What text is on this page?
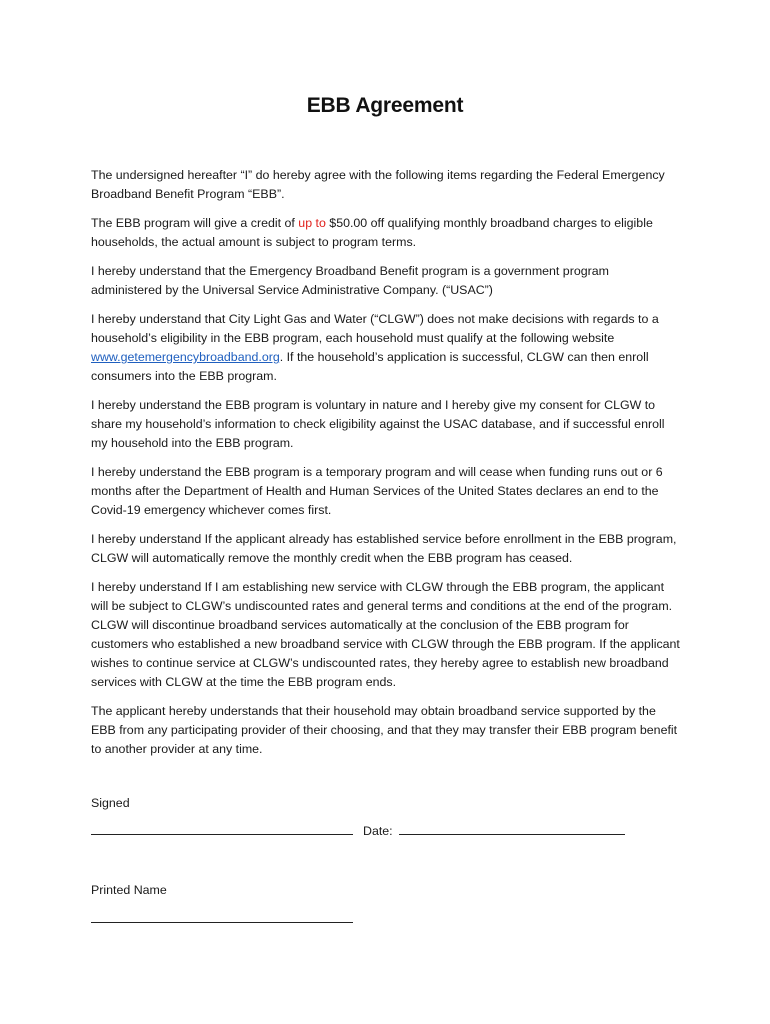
EBB Agreement

The undersigned hereafter “I” do hereby agree with the following items regarding the Federal Emergency Broadband Benefit Program “EBB”.

The EBB program will give a credit of up to $50.00 off qualifying monthly broadband charges to eligible households, the actual amount is subject to program terms.

I hereby understand that the Emergency Broadband Benefit program is a government program administered by the Universal Service Administrative Company. (“USAC”)

I hereby understand that City Light Gas and Water (“CLGW”) does not make decisions with regards to a household’s eligibility in the EBB program, each household must qualify at the following website www.getemergencybroadband.org. If the household’s application is successful, CLGW can then enroll consumers into the EBB program.

I hereby understand the EBB program is voluntary in nature and I hereby give my consent for CLGW to share my household’s information to check eligibility against the USAC database, and if successful enroll my household into the EBB program.

I hereby understand the EBB program is a temporary program and will cease when funding runs out or 6 months after the Department of Health and Human Services of the United States declares an end to the Covid-19 emergency whichever comes first.

I hereby understand If the applicant already has established service before enrollment in the EBB program, CLGW will automatically remove the monthly credit when the EBB program has ceased.

I hereby understand If I am establishing new service with CLGW through the EBB program, the applicant will be subject to CLGW’s undiscounted rates and general terms and conditions at the end of the program. CLGW will discontinue broadband services automatically at the conclusion of the EBB program for customers who established a new broadband service with CLGW through the EBB program. If the applicant wishes to continue service at CLGW’s undiscounted rates, they hereby agree to establish new broadband services with CLGW at the time the EBB program ends.

The applicant hereby understands that their household may obtain broadband service supported by the EBB from any participating provider of their choosing, and that they may transfer their EBB program benefit to another provider at any time.

Signed
Date:
Printed Name
